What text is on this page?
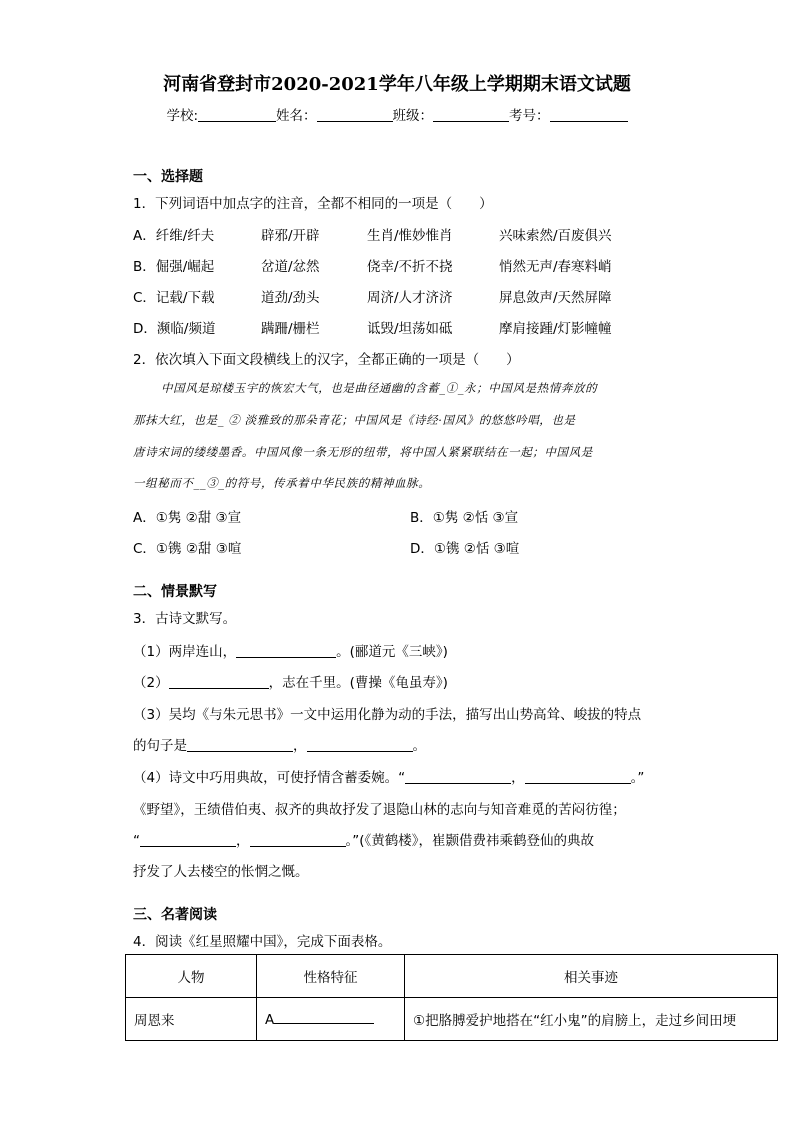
河南省登封市2020-2021学年八年级上学期期末语文试题
学校:	姓名：	班级：	考号：
一、选择题
1．下列词语中加点字的注音，全都不相同的一项是（　　）
A．纤维/纤夫	辟邪/开辟	生肖/惟妙惟肖	兴味索然/百废俱兴
B．倔强/崛起	岔道/忿然	侥幸/不折不挠	悄然无声/春寒料峭
C．记载/下载	道劲/劲头	周济/人才济济	屏息敛声/天然屏障
D．濒临/频道	蹒跚/栅栏	诋毁/坦荡如砥	摩肩接踵/灯影幢幢
2．依次填入下面文段横线上的汉字，全都正确的一项是（　　）
中国风是琼楼玉宇的恢宏大气，也是曲径通幽的含蓄_①_永；中国风是热情奔放的
那抹大红，也是_ ② 淡雅致的那朵青花；中国风是《诗经·国风》的悠悠吟唱，也是
唐诗宋词的缕缕墨香。中国风像一条无形的纽带，将中国人紧紧联结在一起；中国风是
一组秘而不__③_的符号，传承着中华民族的精神血脉。
A．①隽 ②甜 ③宣	B．①隽 ②恬 ③宣
C．①镌 ②甜 ③喧	D．①镌 ②恬 ③喧
二、情景默写
3．古诗文默写。
（1）两岸连山，	。(郦道元《三峡》)
（2）	，志在千里。(曹操《龟虽寿》)
（3）吴均《与朱元思书》一文中运用化静为动的手法，描写出山势高耸、峻拔的特点
的句子是	，	。
（4）诗文中巧用典故，可使抒情含蓄委婉。“	，	。”
《野望》，王绩借伯夷、叔齐的典故抒发了退隐山林的志向与知音难觅的苦闷彷徨；
“	，	。”(《黄鹤楼》，崔颢借费祎乘鹤登仙的典故
抒发了人去楼空的怅惘之慨。
三、名著阅读
4．阅读《红星照耀中国》，完成下面表格。
人物	性格特征	相关事迹
周恩来	A	①把胳膊爱护地搭在“红小鬼”的肩膀上，走过乡间田埂
